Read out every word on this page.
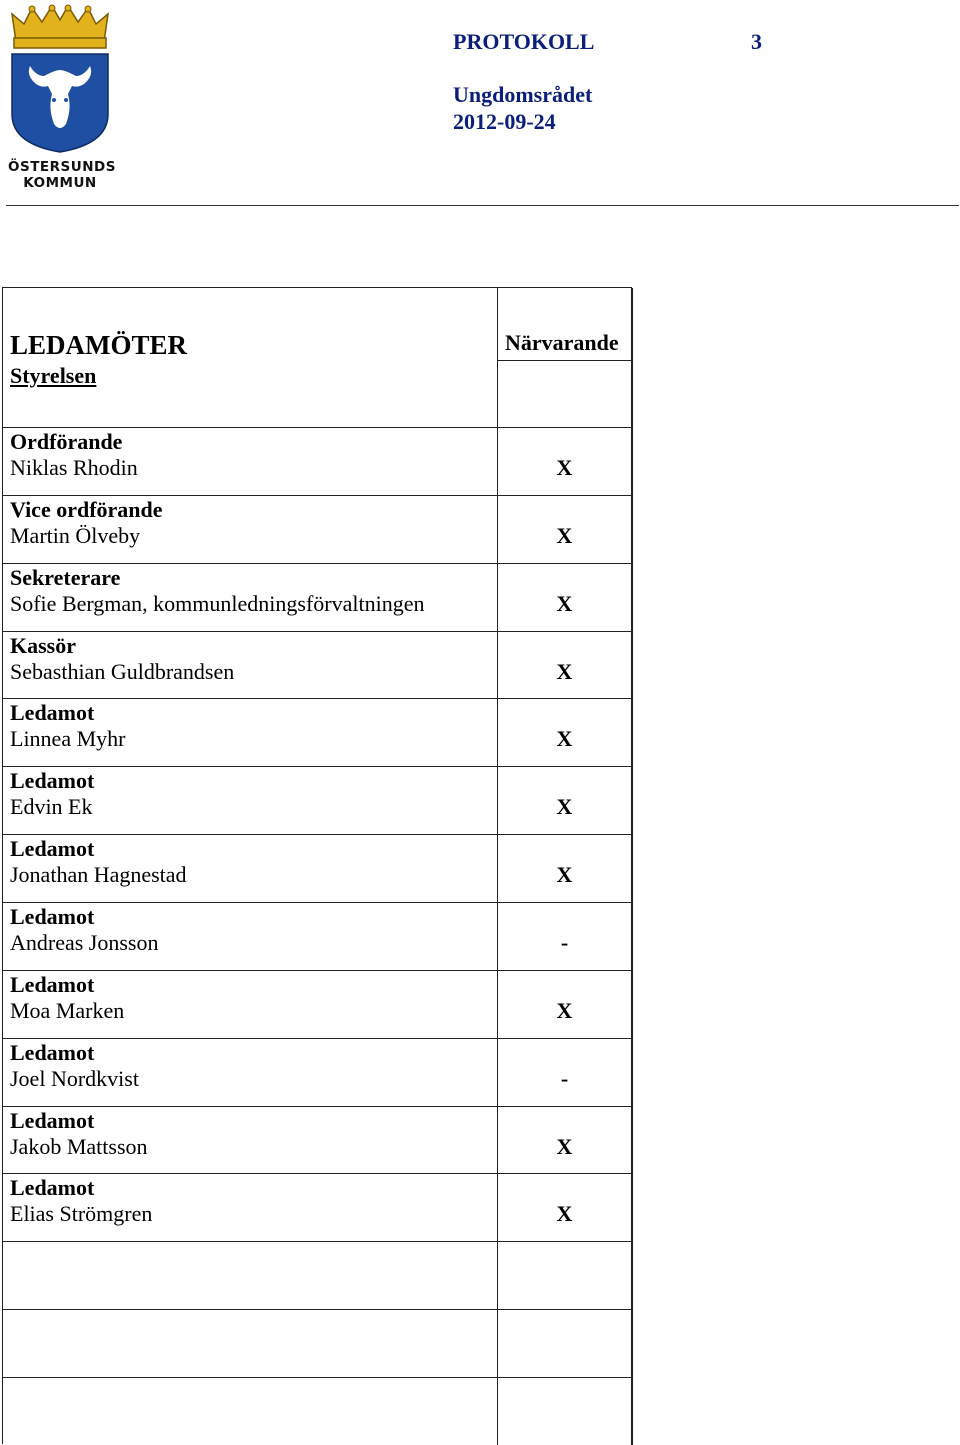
ÖSTERSUNDS
KOMMUN
PROTOKOLL	3
Ungdomsrådet
2012-09-24
LEDAMÖTER
Styrelsen
Närvarande
Ordförande
Niklas Rhodin	X
Vice ordförande
Martin Ölveby	X
Sekreterare
Sofie Bergman, kommunledningsförvaltningen	X
Kassör
Sebasthian Guldbrandsen	X
Ledamot
Linnea Myhr	X
Ledamot
Edvin Ek	X
Ledamot
Jonathan Hagnestad	X
Ledamot
Andreas Jonsson	-
Ledamot
Moa Marken	X
Ledamot
Joel Nordkvist	-
Ledamot
Jakob Mattsson	X
Ledamot
Elias Strömgren	X
